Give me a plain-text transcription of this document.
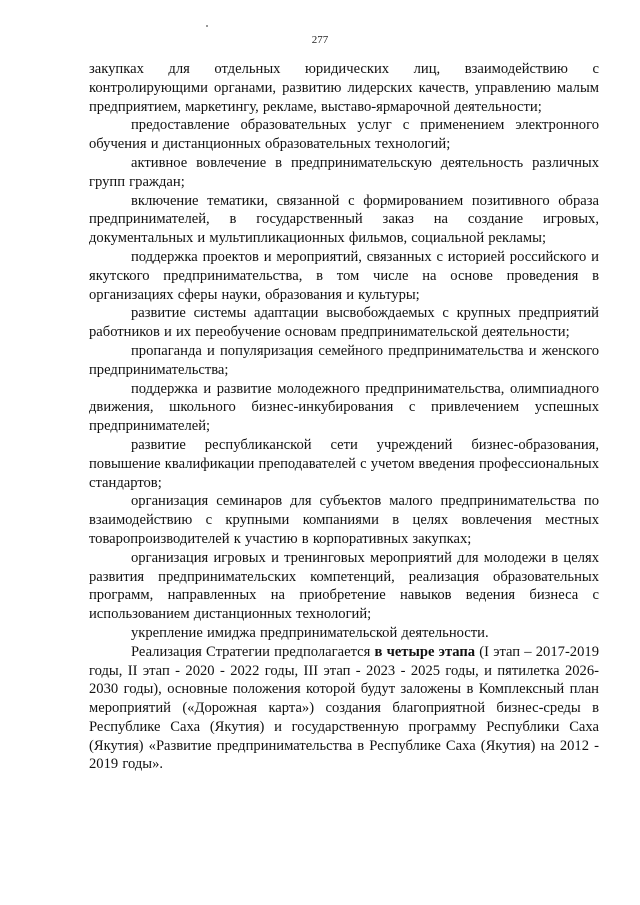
277

закупках для отдельных юридических лиц, взаимодействию с контролирующими органами, развитию лидерских качеств, управлению малым предприятием, маркетингу, рекламе, выставо-ярмарочной деятельности;

предоставление образовательных услуг с применением электронного обучения и дистанционных образовательных технологий;

активное вовлечение в предпринимательскую деятельность различных групп граждан;

включение тематики, связанной с формированием позитивного образа предпринимателей, в государственный заказ на создание игровых, документальных и мультипликационных фильмов, социальной рекламы;

поддержка проектов и мероприятий, связанных с историей российского и якутского предпринимательства, в том числе на основе проведения в организациях сферы науки, образования и культуры;

развитие системы адаптации высвобождаемых с крупных предприятий работников и их переобучение основам предпринимательской деятельности;

пропаганда и популяризация семейного предпринимательства и женского предпринимательства;

поддержка и развитие молодежного предпринимательства, олимпиадного движения, школьного бизнес-инкубирования с привлечением успешных предпринимателей;

развитие республиканской сети учреждений бизнес-образования, повышение квалификации преподавателей с учетом введения профессиональных стандартов;

организация семинаров для субъектов малого предпринимательства по взаимодействию с крупными компаниями в целях вовлечения местных товаропроизводителей к участию в корпоративных закупках;

организация игровых и тренинговых мероприятий для молодежи в целях развития предпринимательских компетенций, реализация образовательных программ, направленных на приобретение навыков ведения бизнеса с использованием дистанционных технологий;

укрепление имиджа предпринимательской деятельности.

Реализация Стратегии предполагается в четыре этапа (I этап – 2017-2019 годы, II этап - 2020 - 2022 годы, III этап - 2023 - 2025 годы, и пятилетка 2026-2030 годы), основные положения которой будут заложены в Комплексный план мероприятий («Дорожная карта») создания благоприятной бизнес-среды в Республике Саха (Якутия) и государственную программу Республики Саха (Якутия) «Развитие предпринимательства в Республике Саха (Якутия) на 2012 - 2019 годы».
